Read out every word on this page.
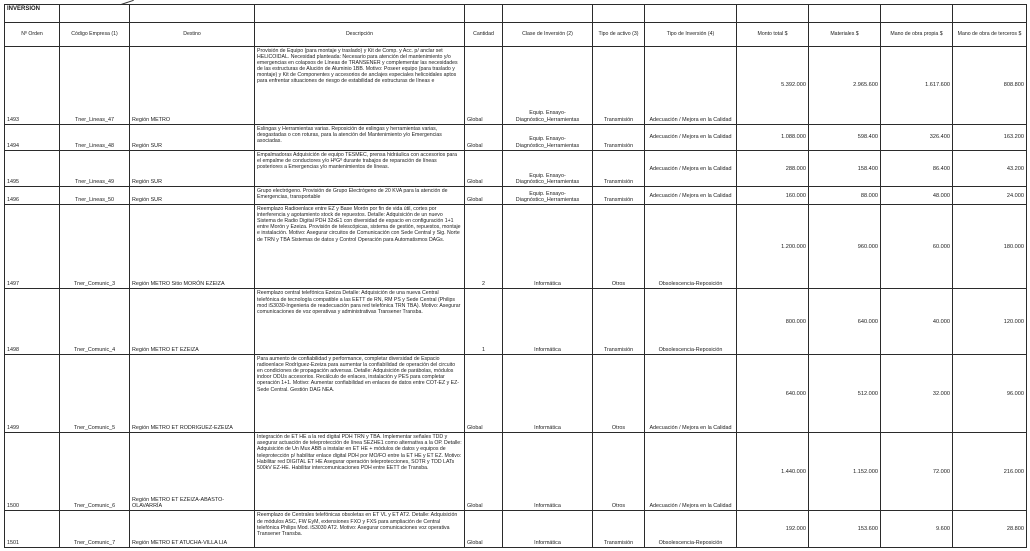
INVERSIÓN											
Nº Orden	Código Empresa (1)	Destino	Descripción	Cantidad	Clase de Inversión (2)	Tipo de activo (3)	Tipo de Inversión (4)	Monto total $	Materiales $	Mano de obra propia $	Mano de obra de terceros $
1493	Tner_Lineas_47	Región METRO	Provisión de Equipo (para montaje y traslado) y Kit de Comp. y Acc. p/ anclar set HELICOIDAL. Necesidad planteada: Necesario para atención del mantenimiento y/o emergencias en colapsos de Líneas de TRANSENER y complementar las necesidades de las estructuras de Alución de Aluminio 1BB. Motivo: Poseer equipo (para traslado y montaje) y Kit de Componentes y accesorios de anclajes especiales helicoidales aptos para enfrentar situaciones de riesgo de estabilidad de estructuras de líneas e	Global	Equip. Ensayo-Diagnóstico_Herramientas	Transmisión	Adecuación / Mejora en la Calidad	5.392.000	2.965.600	1.617.600	808.800
1494	Tner_Lineas_48	Región SUR	Eslingas y Herramientas varias. Reposición de eslingas y herramientas varias, desgastadas o con roturas, para la atención del Mantenimiento y/o Emergencias asociadas.	Global	Equip. Ensayo-Diagnóstico_Herramientas	Transmisión	Adecuación / Mejora en la Calidad	1.088.000	598.400	326.400	163.200
1495	Tner_Lineas_49	Región SUR	Empalmadoras Adquisición de equipo TESMEC, prensa hidráulica con accesorios para el empalme de conductores y/o HºGº durante trabajos de reparación de líneas posteriores a Emergencias y/o mantenimientos de líneas.	Global	Equip. Ensayo-Diagnóstico_Herramientas	Transmisión	Adecuación / Mejora en la Calidad	288.000	158.400	86.400	43.200
1496	Tner_Lineas_50	Región SUR	Grupo electrógeno. Provisión de Grupo Electrógeno de 20 KVA para la atención de Emergencias, transportable	Global	Equip. Ensayo-Diagnóstico_Herramientas	Transmisión	Adecuación / Mejora en la Calidad	160.000	88.000	48.000	24.000
1497	Tner_Comunic_3	Región METRO Sitio MORÓN EZEIZA	Reemplazo Radioenlace entre EZ y Base Morón por fin de vida útil, cortes por interferencia y agotamiento stock de repuestos. Detalle: Adquisición de un nuevo Sistema de Radio Digital PDH 32xE1 con diversidad de espacio en configuración 1+1 entre Morón y Ezeiza. Provisión de telescópicas, sistema de gestión, repuestos, montaje e instalación. Motivo: Asegurar circuitos de Comunicación con Sede Central y Sig. Norte de TRN y TBA Sistemas de datos y Control Operación para Automatismos DAGs.	2	Informática	Otros	Obsolescencia-Reposición	1.200.000	960.000	60.000	180.000
1498	Tner_Comunic_4	Región METRO ET EZEIZA	Reemplazo central telefónica Ezeiza Detalle: Adquisición de una nueva Central telefónica de tecnología compatible a las EETT de RN, RM PS y Sede Central (Philips mod iS3030-Ingenieria de readecuación para red telefónica TRN TBA). Motivo: Asegurar comunicaciones de voz operativas y administrativas Transener Transba.	1	Informática	Transmisión	Obsolescencia-Reposición	800.000	640.000	40.000	120.000
1499	Tner_Comunic_5	Región METRO ET RODRIGUEZ-EZEIZA	Para aumento de confiabilidad y performance, completar diversidad de Espacio radioenlace Rodríguez-Ezeiza para aumentar la confiabilidad de operación del circuito en condiciones de propagación adversas. Detalle: Adquisición de parábolas, módulos indoor ODUs accesorios. Recálculo de enlaces, instalación y PES para completar operación 1+1. Motivo: Aumentar confiabilidad en enlaces de datos entre COT-EZ y EZ-Sede Central. Gestión DAG NEA.	Global	Informática	Otros	Adecuación / Mejora en la Calidad	640.000	512.000	32.000	96.000
1500	Tner_Comunic_6	Región METRO ET EZEIZA-ABASTO-OLAVARRÍA	Integración de ET HE a la red digital PDH TRN y TBA. Implementar señales TDD y asegurar actuación de teleprotección de línea SEZHE1 como alternativa a la OP. Detalle: Adquisición de Un Mux ABB a instalar en ET HE + módulos de datos y equipos de teleprotección p/ habilitar enlace digital PDH por MO/FO entre la ET HE y ET EZ. Motivo: Habilitar red DIGITAL ET HE Asegurar operación teleprotecciones, SOTR y TDD LATs 500kV EZ-HE. Habilitar intercomunicaciones PDH entre EETT de Transba.	Global	Informática	Otros	Adecuación / Mejora en la Calidad	1.440.000	1.152.000	72.000	216.000
1501	Tner_Comunic_7	Región METRO ET ATUCHA-VILLA LIA	Reemplazo de Centrales telefónicas obsoletas en ET VL y ET AT2. Detalle: Adquisición de módulos ASC, FW EyM, extensiones FXO y FXS para ampliación de Central telefónica Philips Mod. iS3030 AT2. Motivo: Asegurar comunicaciones voz operativa Transener Transba.	Global	Informática	Transmisión	Obsolescencia-Reposición	192.000	153.600	9.600	28.800
